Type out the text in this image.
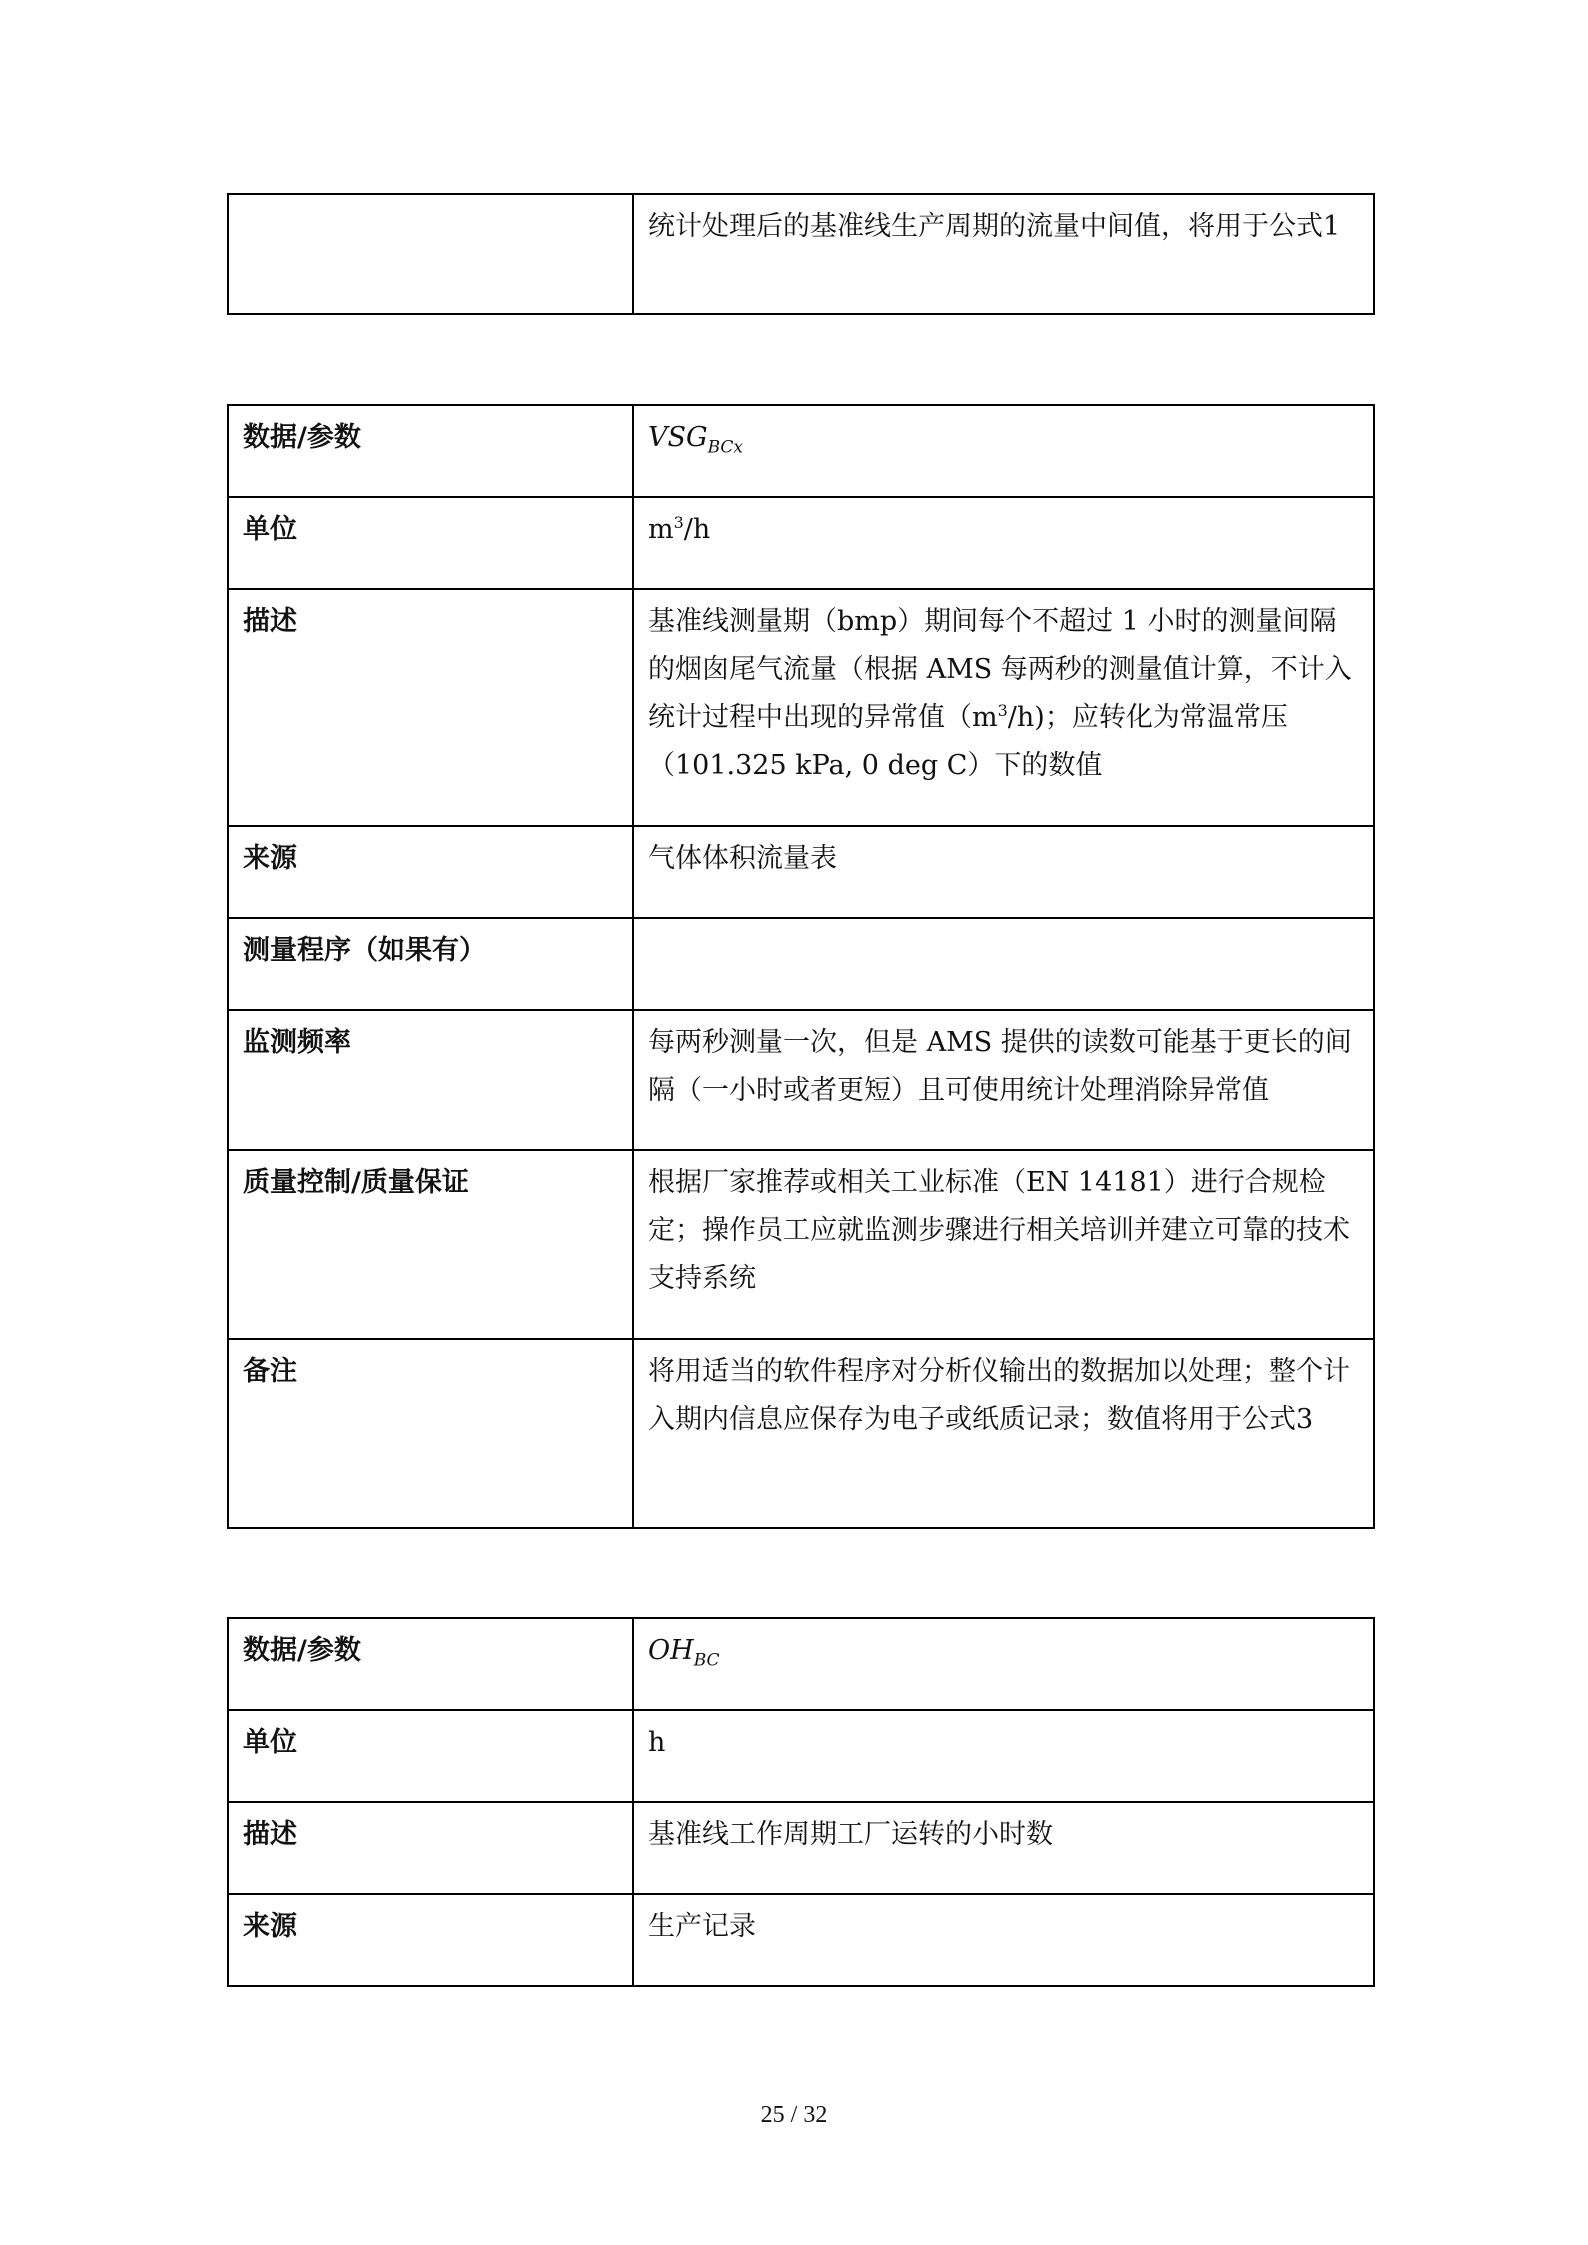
	统计处理后的基准线生产周期的流量中间值，将用于公式1
数据/参数	$VSG_{BCx}$
单位	$m^3/h$
描述	基准线测量期（bmp）期间每个不超过 1 小时的测量间隔的烟囱尾气流量（根据 AMS 每两秒的测量值计算，不计入统计过程中出现的异常值$(m^3/h)$；应转化为常温常压（101.325 kPa, 0 deg C）下的数值
来源	气体体积流量表
测量程序（如果有）	
监测频率	每两秒测量一次，但是 AMS 提供的读数可能基于更长的间隔（一小时或者更短）且可使用统计处理消除异常值
质量控制/质量保证	根据厂家推荐或相关工业标准（EN 14181）进行合规检定；操作员工应就监测步骤进行相关培训并建立可靠的技术支持系统
备注	将用适当的软件程序对分析仪输出的数据加以处理；整个计入期内信息应保存为电子或纸质记录；数值将用于公式3
数据/参数	$OH_{BC}$
单位	h
描述	基准线工作周期工厂运转的小时数
来源	生产记录
25 / 32
